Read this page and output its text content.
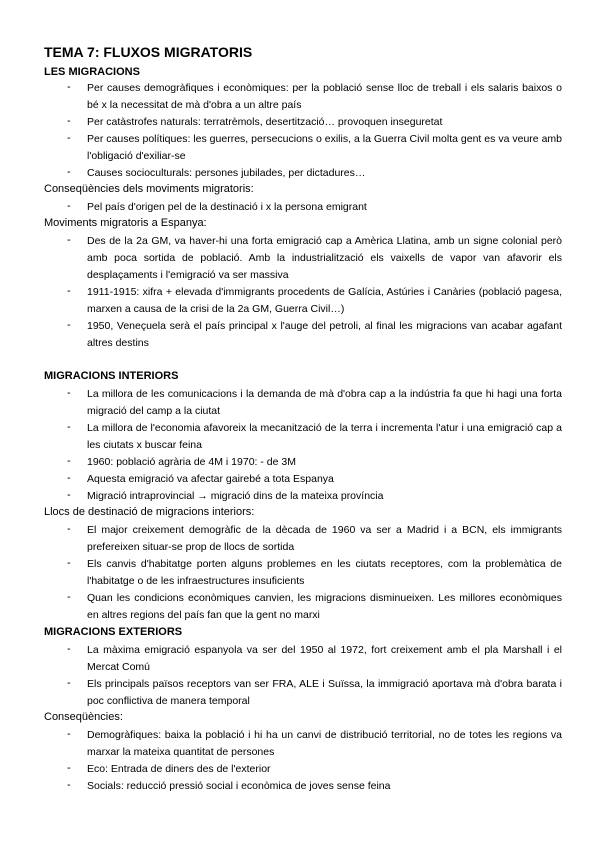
TEMA 7: FLUXOS MIGRATORIS
LES MIGRACIONS
- Per causes demogràfiques i econòmiques: per la població sense lloc de treball i els salaris baixos o bé x la necessitat de mà d'obra a un altre país
- Per catàstrofes naturals: terratrèmols, desertització… provoquen inseguretat
- Per causes polítiques: les guerres, persecucions o exilis, a la Guerra Civil molta gent es va veure amb l'obligació d'exiliar-se
- Causes socioculturals: persones jubilades, per dictadures…
Conseqüències dels moviments migratoris:
- Pel país d'origen pel de la destinació i x la persona emigrant
Moviments migratoris a Espanya:
- Des de la 2a GM, va haver-hi una forta emigració cap a Amèrica Llatina, amb un signe colonial però amb poca sortida de població. Amb la industrialització els vaixells de vapor van afavorir els desplaçaments i l'emigració va ser massiva
- 1911-1915: xifra + elevada d'immigrants procedents de Galícia, Astúries i Canàries (població pagesa, marxen a causa de la crisi de la 2a GM, Guerra Civil…)
- 1950, Veneçuela serà el país principal x l'auge del petroli, al final les migracions van acabar agafant altres destins
MIGRACIONS INTERIORS
- La millora de les comunicacions i la demanda de mà d'obra cap a la indústria fa que hi hagi una forta migració del camp a la ciutat
- La millora de l'economia afavoreix la mecanització de la terra i incrementa l'atur i una emigració cap a les ciutats x buscar feina
- 1960: població agrària de 4M i 1970: - de 3M
- Aquesta emigració va afectar gairebé a tota Espanya
- Migració intraprovincial → migració dins de la mateixa província
Llocs de destinació de migracions interiors:
- El major creixement demogràfic de la dècada de 1960 va ser a Madrid i a BCN, els immigrants prefereixen situar-se prop de llocs de sortida
- Els canvis d'habitatge porten alguns problemes en les ciutats receptores, com la problemàtica de l'habitatge o de les infraestructures insuficients
- Quan les condicions econòmiques canvien, les migracions disminueixen. Les millores econòmiques en altres regions del país fan que la gent no marxi
MIGRACIONS EXTERIORS
- La màxima emigració espanyola va ser del 1950 al 1972, fort creixement amb el pla Marshall i el Mercat Comú
- Els principals països receptors van ser FRA, ALE i Suïssa, la immigració aportava mà d'obra barata i poc conflictiva de manera temporal
Conseqüències:
- Demogràfiques: baixa la població i hi ha un canvi de distribució territorial, no de totes les regions va marxar la mateixa quantitat de persones
- Eco: Entrada de diners des de l'exterior
- Socials: reducció pressió social i econòmica de joves sense feina
